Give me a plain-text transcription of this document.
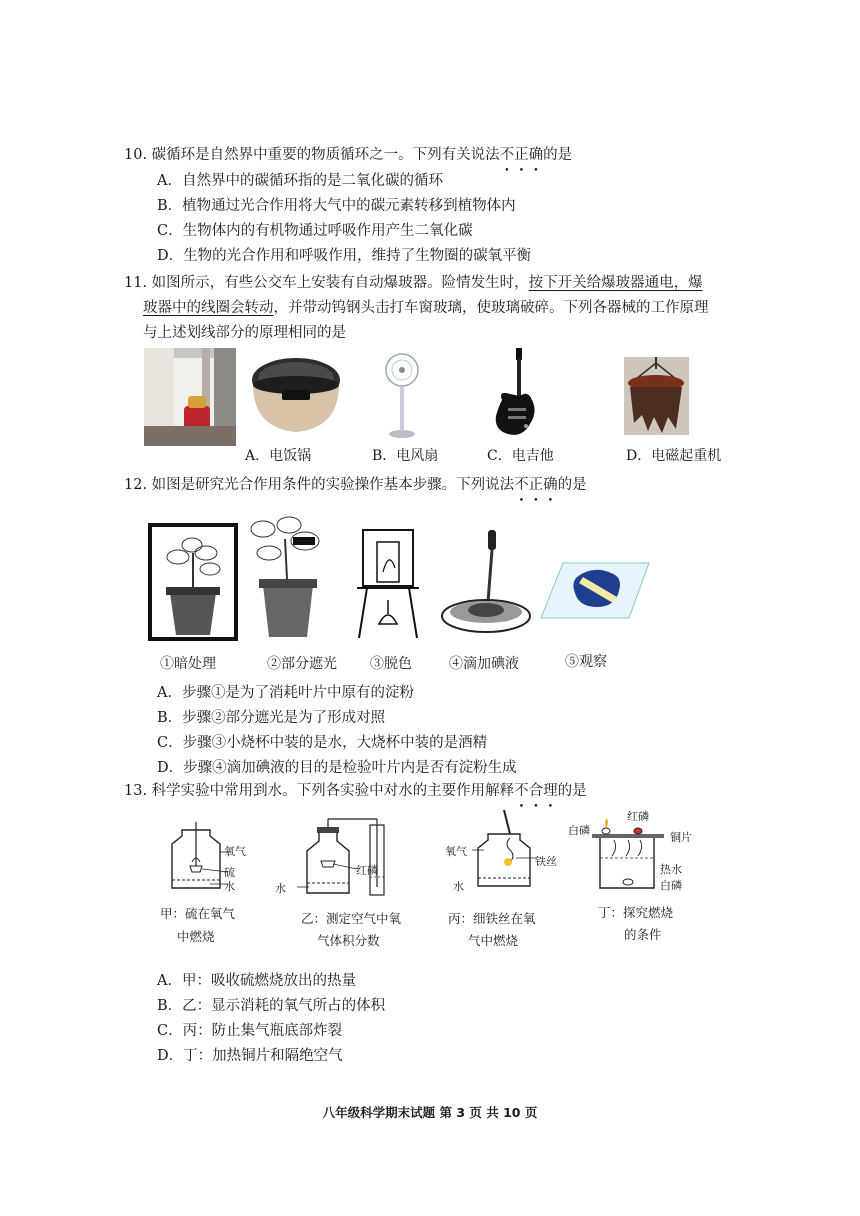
10. 碳循环是自然界中重要的物质循环之一。下列有关说法不正确的是
A．自然界中的碳循环指的是二氧化碳的循环
B．植物通过光合作用将大气中的碳元素转移到植物体内
C．生物体内的有机物通过呼吸作用产生二氧化碳
D．生物的光合作用和呼吸作用，维持了生物圈的碳氧平衡
11. 如图所示，有些公交车上安装有自动爆玻器。险情发生时，按下开关给爆玻器通电，爆
玻器中的线圈会转动，并带动钨钢头击打车窗玻璃，使玻璃破碎。下列各器械的工作原理
与上述划线部分的原理相同的是
A．电饭锅	B．电风扇	C．电吉他	D．电磁起重机
12. 如图是研究光合作用条件的实验操作基本步骤。下列说法不正确的是
①暗处理	②部分遮光 ③脱色	④滴加碘液	⑤观察
A．步骤①是为了消耗叶片中原有的淀粉
B．步骤②部分遮光是为了形成对照
C．步骤③小烧杯中装的是水，大烧杯中装的是酒精
D．步骤④滴加碘液的目的是检验叶片内是否有淀粉生成
13. 科学实验中常用到水。下列各实验中对水的主要作用解释不合理的是
氧气
硫
水
甲：硫在氧气
中燃烧
水
红磷
乙：测定空气中氧
气体积分数
氧气
铁丝
水
丙：细铁丝在氧
气中燃烧
白磷
红磷
铜片
热水
白磷
丁：探究燃烧
的条件
A．甲：吸收硫燃烧放出的热量
B．乙：显示消耗的氧气所占的体积
C．丙：防止集气瓶底部炸裂
D．丁：加热铜片和隔绝空气
八年级科学期末试题 第 3 页 共 10 页
